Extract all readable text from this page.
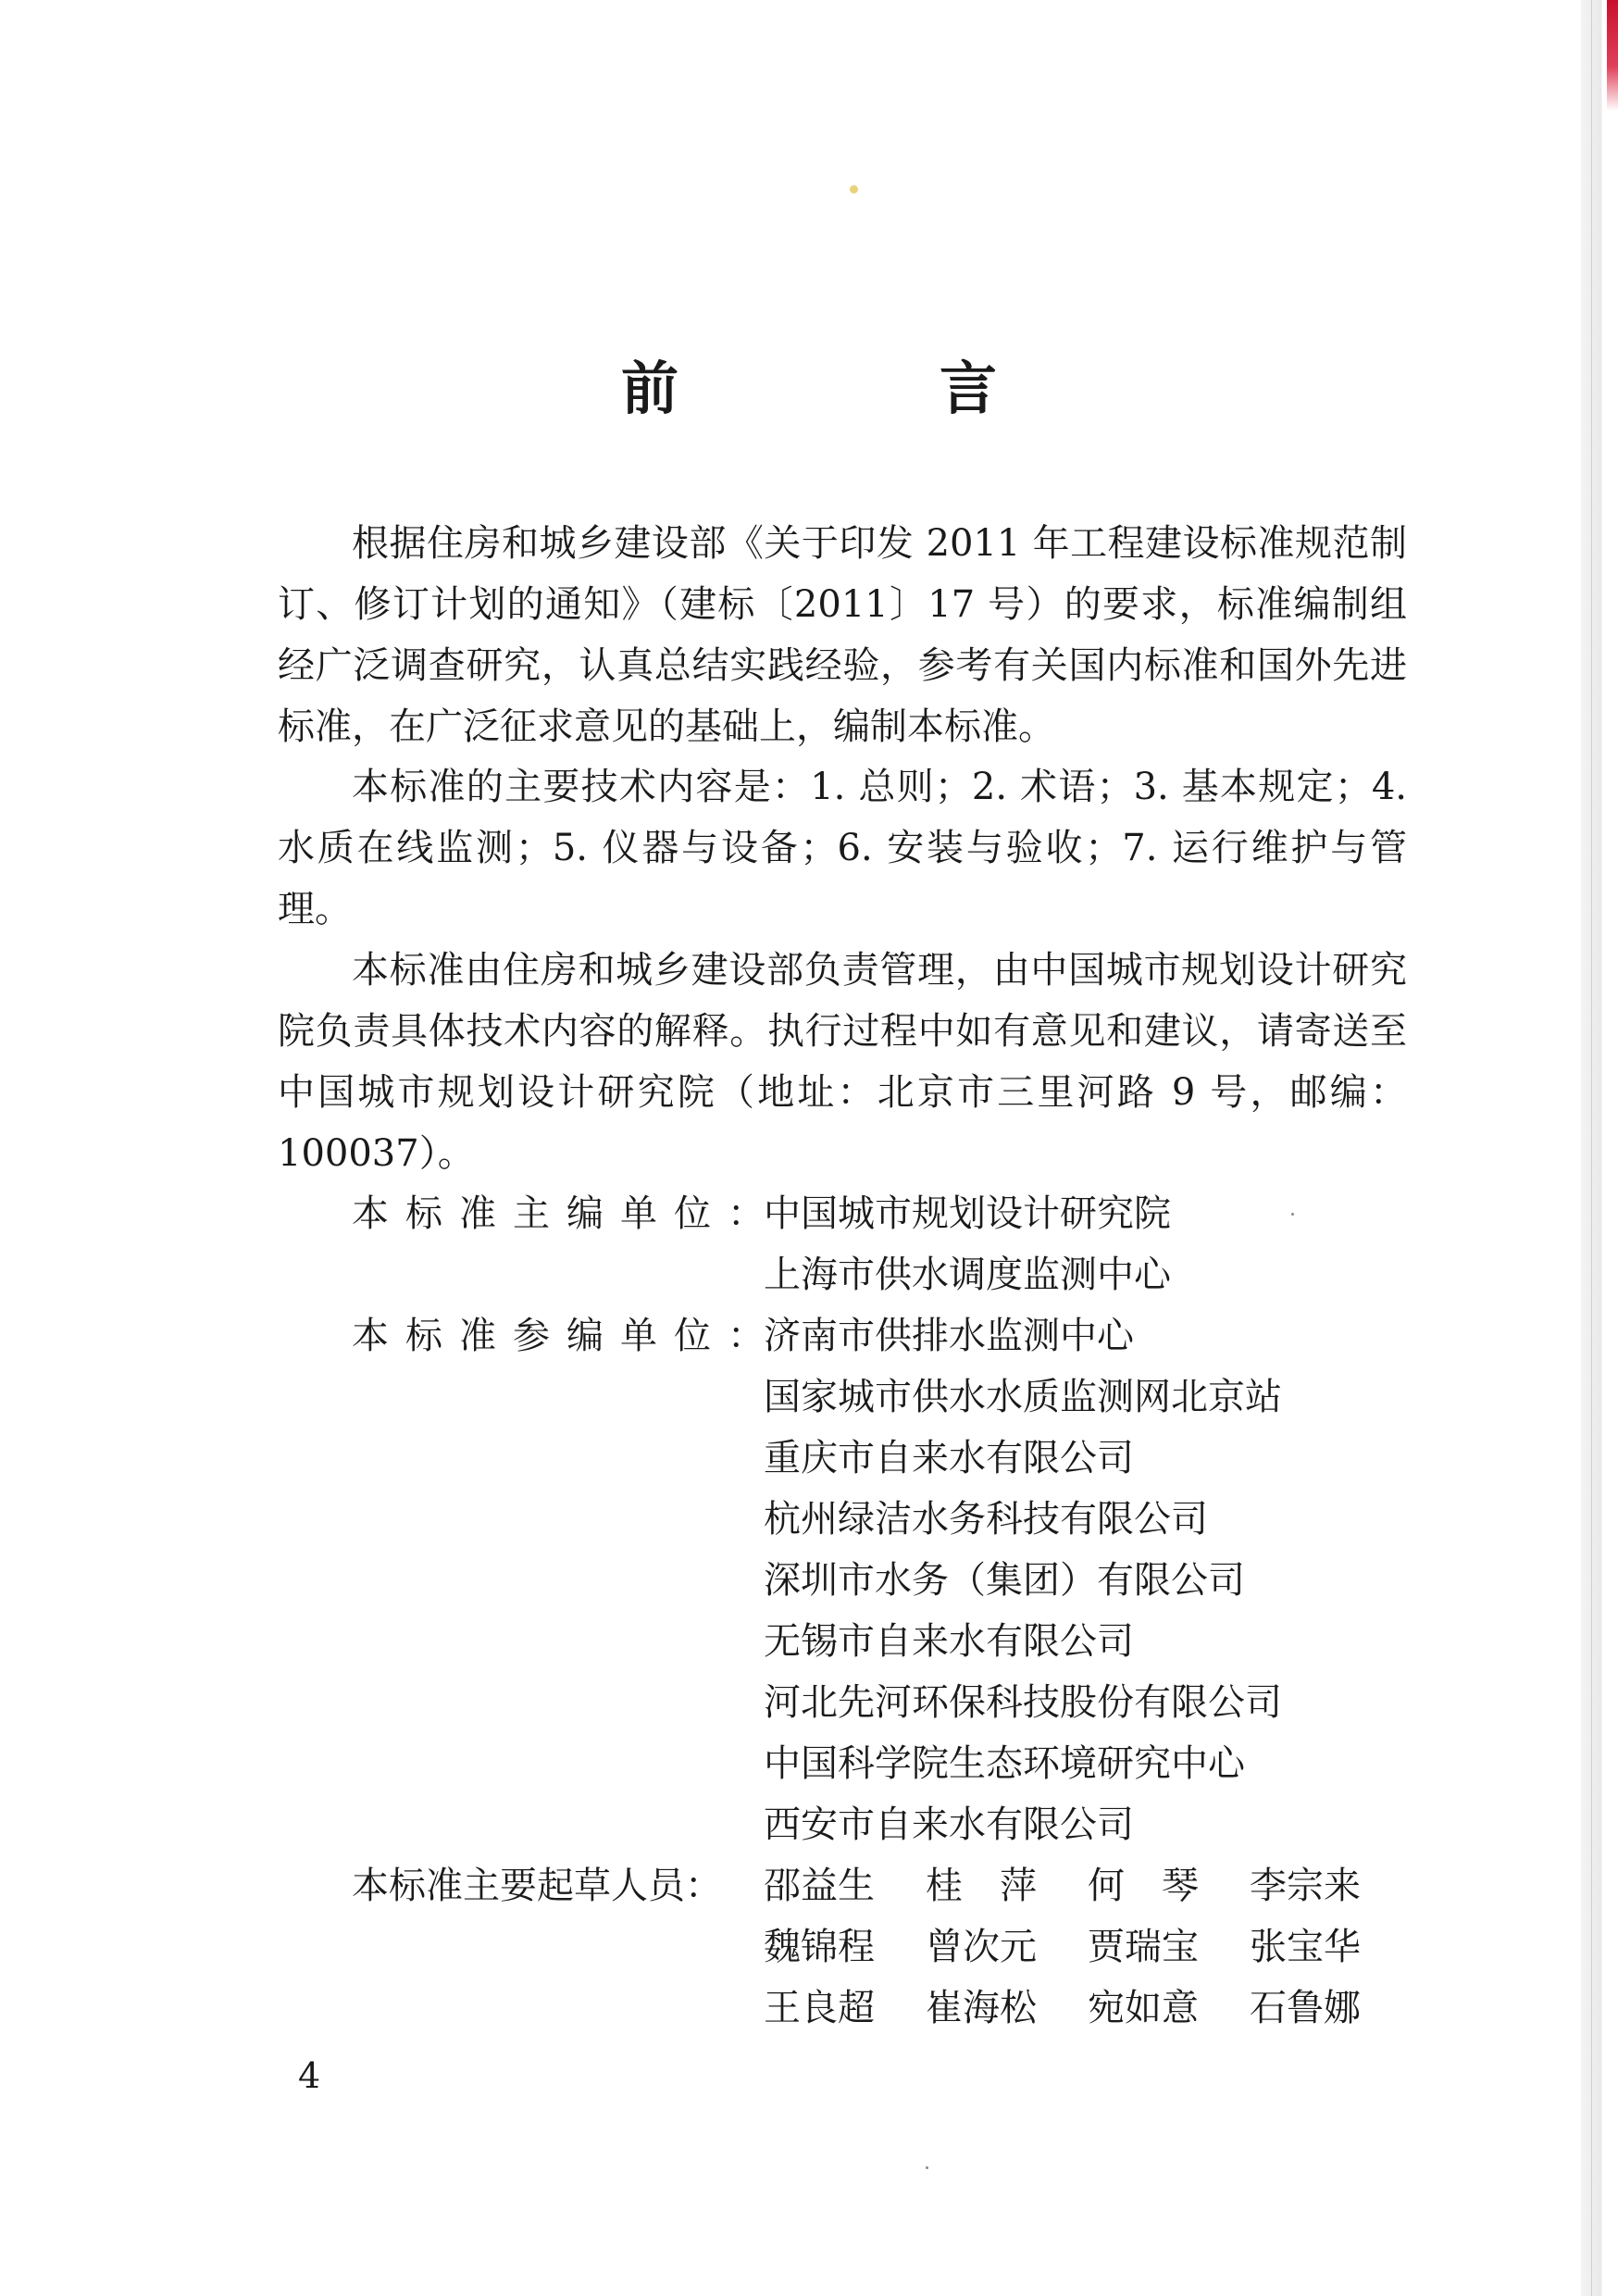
前　言

根据住房和城乡建设部《关于印发 2011 年工程建设标准规范制订、修订计划的通知》（建标〔2011〕17 号）的要求，标准编制组经广泛调查研究，认真总结实践经验，参考有关国内标准和国外先进标准，在广泛征求意见的基础上，编制本标准。

本标准的主要技术内容是：1. 总则；2. 术语；3. 基本规定；4. 水质在线监测；5. 仪器与设备；6. 安装与验收；7. 运行维护与管理。

本标准由住房和城乡建设部负责管理，由中国城市规划设计研究院负责具体技术内容的解释。执行过程中如有意见和建议，请寄送至中国城市规划设计研究院（地址：北京市三里河路 9 号，邮编：100037）。

本标准主编单位：
中国城市规划设计研究院
上海市供水调度监测中心
本标准参编单位：
济南市供排水监测中心
国家城市供水水质监测网北京站
重庆市自来水有限公司
杭州绿洁水务科技有限公司
深圳市水务（集团）有限公司
无锡市自来水有限公司
河北先河环保科技股份有限公司
中国科学院生态环境研究中心
西安市自来水有限公司
本标准主要起草人员：	邵益生 桂　萍 何　琴 李宗来
魏锦程 曾次元 贾瑞宝 张宝华
王良超 崔海松 宛如意 石鲁娜
4
